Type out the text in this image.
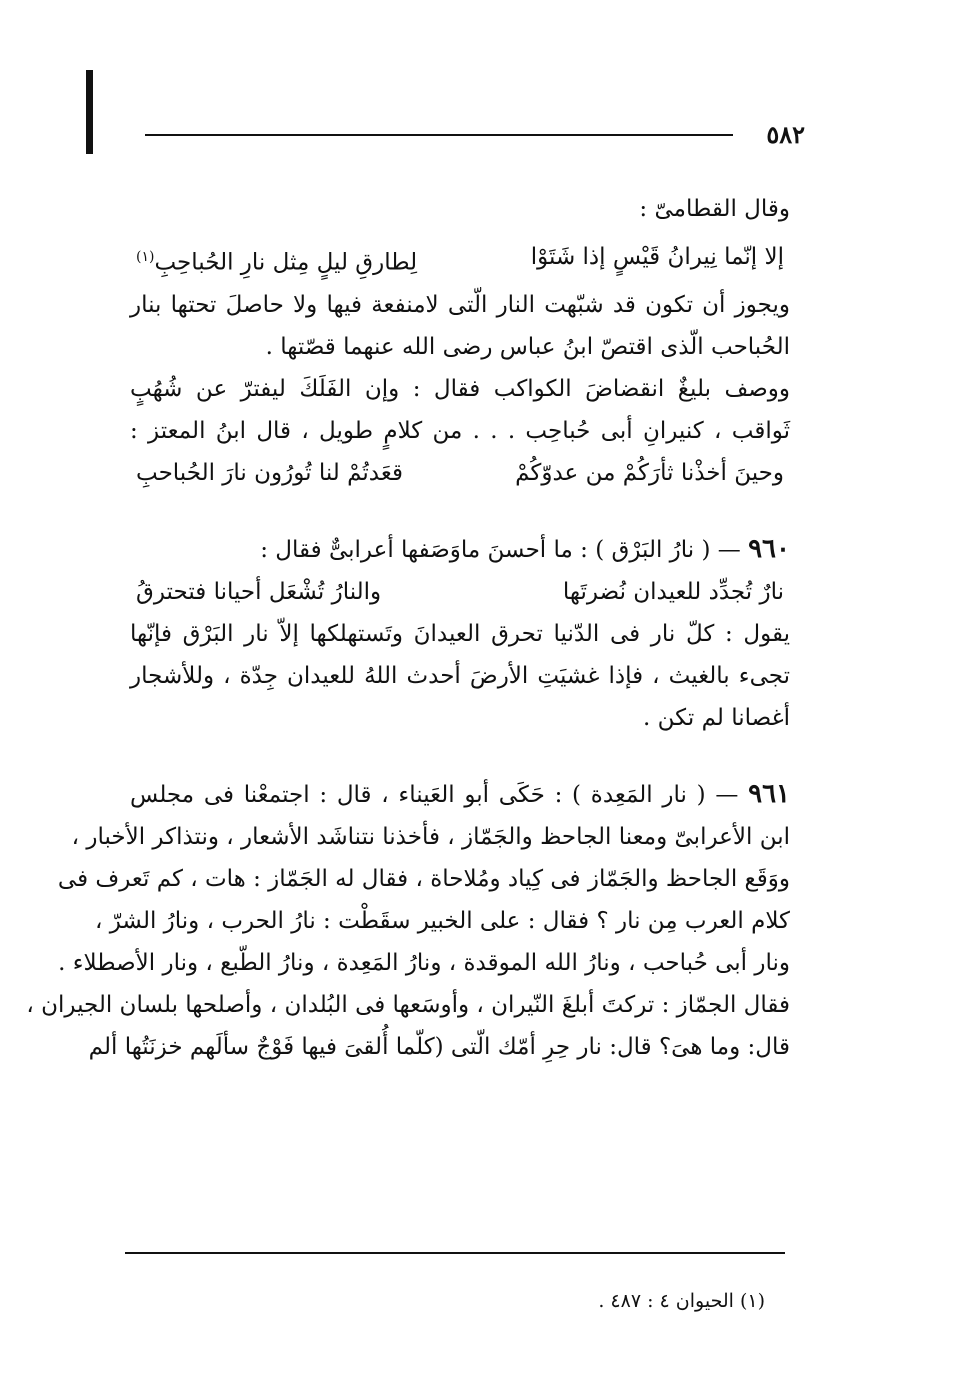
٥٨٢
وقال القطامىّ :
إلا إنّما نِيرانُ قَيْسٍ إذا شَتَوْا
لِطارقِ ليلٍ مِثل نارِ الحُباحِبِ$^{(١)}$
ويجوز أن تكون قد شبّهت النار الّتى لامنفعة فيها ولا حاصلَ تحتها بنار
الحُباحب الّذى اقتصّ ابنُ عباس رضى الله عنهما قصّتها .
ووصف بليغٌ انقضاضَ الكواكب فقال : وإن الفَلَكَ ليفترّ عن شُهُبٍ
ثَواقب ، كنيرانِ أبى حُباحِب . . . من كلامٍ طويل ، قال ابنُ المعتز :
وحينَ أخذْنا ثأرَكُمْ من عدوّكُمْ
قعَدتُمْ لنا تُورُون نارَ الحُباحبِ
٩٦٠ — ( نارُ البَرْق ) : ما أحسنَ ماوَصَفها أعرابىٌّ فقال :
نارٌ تُجدِّد للعيدان نُضرتَها
والنارُ تُشْعَل أحيانا فتحترقُ
يقول : كلّ نار فى الدّنيا تحرق العيدانَ وتَستهلكها إلاّ نار البَرْق فإنّها
تجىء بالغيث ، فإذا غشيَتِ الأرضَ أحدث اللهُ للعيدان جِدّة ، وللأشجار
أغصانا لم تكن .
٩٦١ — ( نار المَعِدة ) : حَكَى أبو العَيناء ، قال : اجتمعْنا فى مجلس
ابن الأعرابىّ ومعنا الجاحظ والجَمّاز ، فأخذنا نتناشَد الأشعار ، ونتذاكر الأخبار ،
ووَقَع الجاحظ والجَمّاز فى كِياد ومُلاحاة ، فقال له الجَمّاز : هات ، كم تَعرف فى
كلام العرب مِن نار ؟ فقال : على الخبير سقَطْت : نارُ الحرب ، ونارُ الشرّ ،
ونار أبى حُباحب ، ونارُ الله الموقدة ، ونارُ المَعِدة ، ونارُ الطّبع ، ونار الأصطلاء .
فقال الجمّاز : تركتَ أبلغَ النّيران ، وأوسَعها فى البُلدان ، وأصلحها بلسان الجيران ،
قال: وما هىَ؟ قال: نار حِرِ أمّك الّتى (كلّما أُلقىَ فيها فَوْجٌ سألَهم خزنَتُها ألم
(١) الحيوان ٤ : ٤٨٧ .
